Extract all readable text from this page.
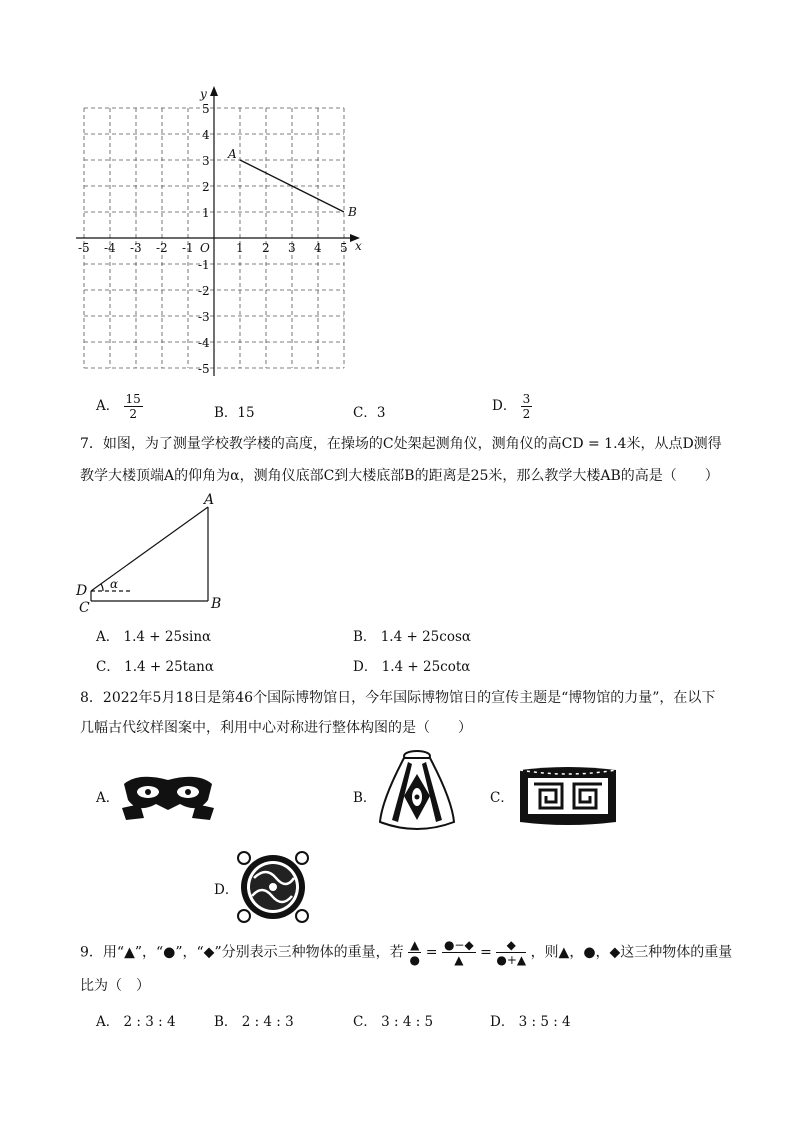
x
y
O
A
B
-5 -4 -3 -2 -1	1 2 3 4 5
5
4
3
2
1
-1
-2
-3
-4
-5
A． $\frac{15}{2}$	B．15	C．3	D． $\frac{3}{2}$
7．如图，为了测量学校教学楼的高度，在操场的C处架起测角仪，测角仪的高CD = 1.4米，从点D测得
教学大楼顶端A的仰角为α，测角仪底部C到大楼底部B的距离是25米，那么教学大楼AB的高是（　　）
A
B
C
D α
A． 1.4 + 25sinα	B． 1.4 + 25cosα
C． 1.4 + 25tanα	D． 1.4 + 25cotα
8．2022年5月18日是第46个国际博物馆日，今年国际博物馆日的宣传主题是“博物馆的力量”，在以下
几幅古代纹样图案中，利用中心对称进行整体构图的是（　　）
A．	B．	C．
D．
9．用“▲”，“●”，“◆”分别表示三种物体的重量，若 $\frac{▲}{●} = \frac{●-◆}{▲} = \frac{◆}{●+▲}$ ，则▲，●，◆这三种物体的重量
比为（　）
A． 2 : 3 : 4	B． 2 : 4 : 3	C． 3 : 4 : 5	D． 3 : 5 : 4
